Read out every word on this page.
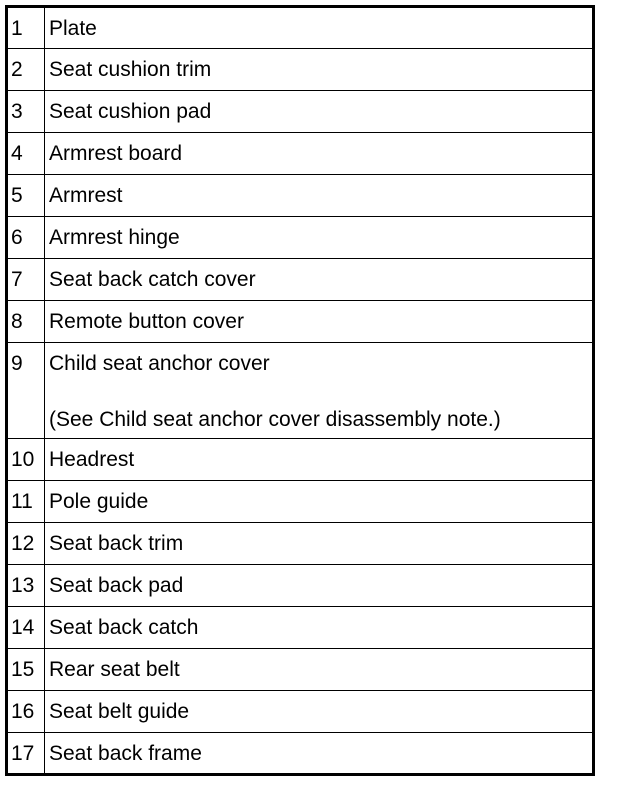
1	Plate
2	Seat cushion trim
3	Seat cushion pad
4	Armrest board
5	Armrest
6	Armrest hinge
7	Seat back catch cover
8	Remote button cover
9	Child seat anchor cover
(See Child seat anchor cover disassembly note.)

10	Headrest
11	Pole guide
12	Seat back trim
13	Seat back pad
14	Seat back catch
15	Rear seat belt
16	Seat belt guide
17	Seat back frame
